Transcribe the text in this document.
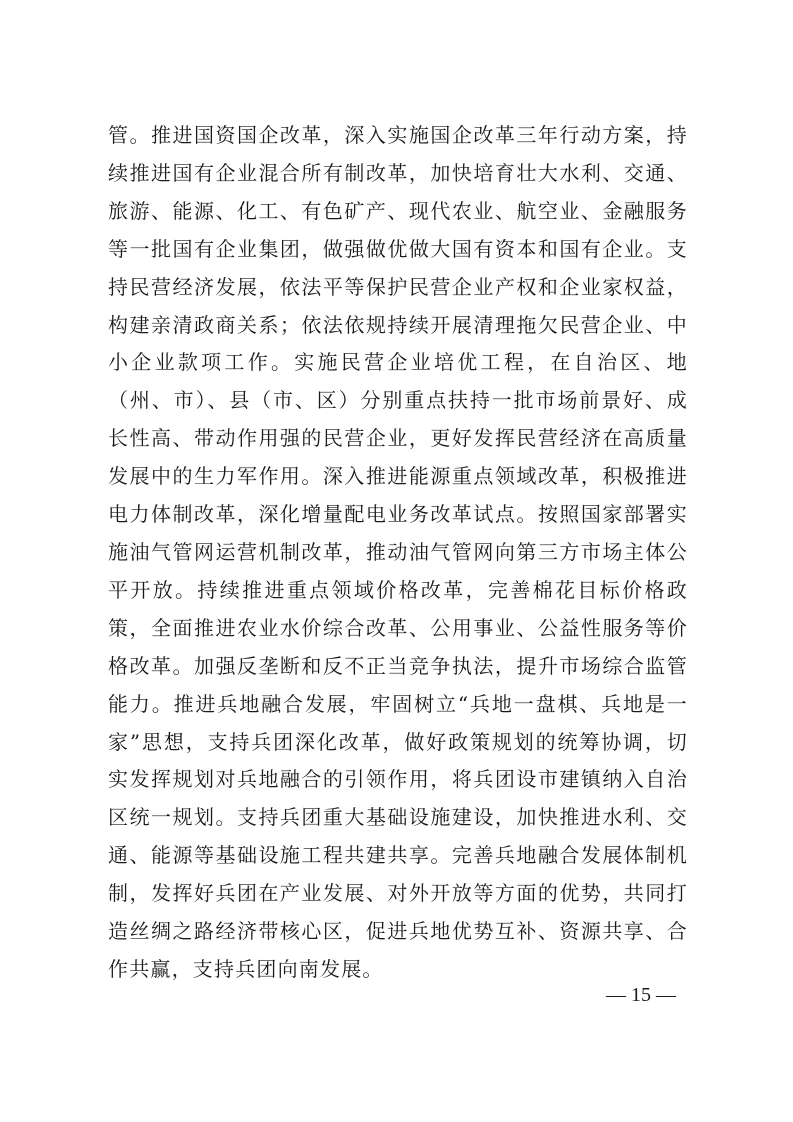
管。推进国资国企改革，深入实施国企改革三年行动方案，持续推进国有企业混合所有制改革，加快培育壮大水利、交通、旅游、能源、化工、有色矿产、现代农业、航空业、金融服务等一批国有企业集团，做强做优做大国有资本和国有企业。支持民营经济发展，依法平等保护民营企业产权和企业家权益，构建亲清政商关系；依法依规持续开展清理拖欠民营企业、中小企业款项工作。实施民营企业培优工程，在自治区、地（州、市）、县（市、区）分别重点扶持一批市场前景好、成长性高、带动作用强的民营企业，更好发挥民营经济在高质量发展中的生力军作用。深入推进能源重点领域改革，积极推进电力体制改革，深化增量配电业务改革试点。按照国家部署实施油气管网运营机制改革，推动油气管网向第三方市场主体公平开放。持续推进重点领域价格改革，完善棉花目标价格政策，全面推进农业水价综合改革、公用事业、公益性服务等价格改革。加强反垄断和反不正当竞争执法，提升市场综合监管能力。推进兵地融合发展，牢固树立“兵地一盘棋、兵地是一家”思想，支持兵团深化改革，做好政策规划的统筹协调，切实发挥规划对兵地融合的引领作用，将兵团设市建镇纳入自治区统一规划。支持兵团重大基础设施建设，加快推进水利、交通、能源等基础设施工程共建共享。完善兵地融合发展体制机制，发挥好兵团在产业发展、对外开放等方面的优势，共同打造丝绸之路经济带核心区，促进兵地优势互补、资源共享、合作共赢，支持兵团向南发展。

— 15 —
